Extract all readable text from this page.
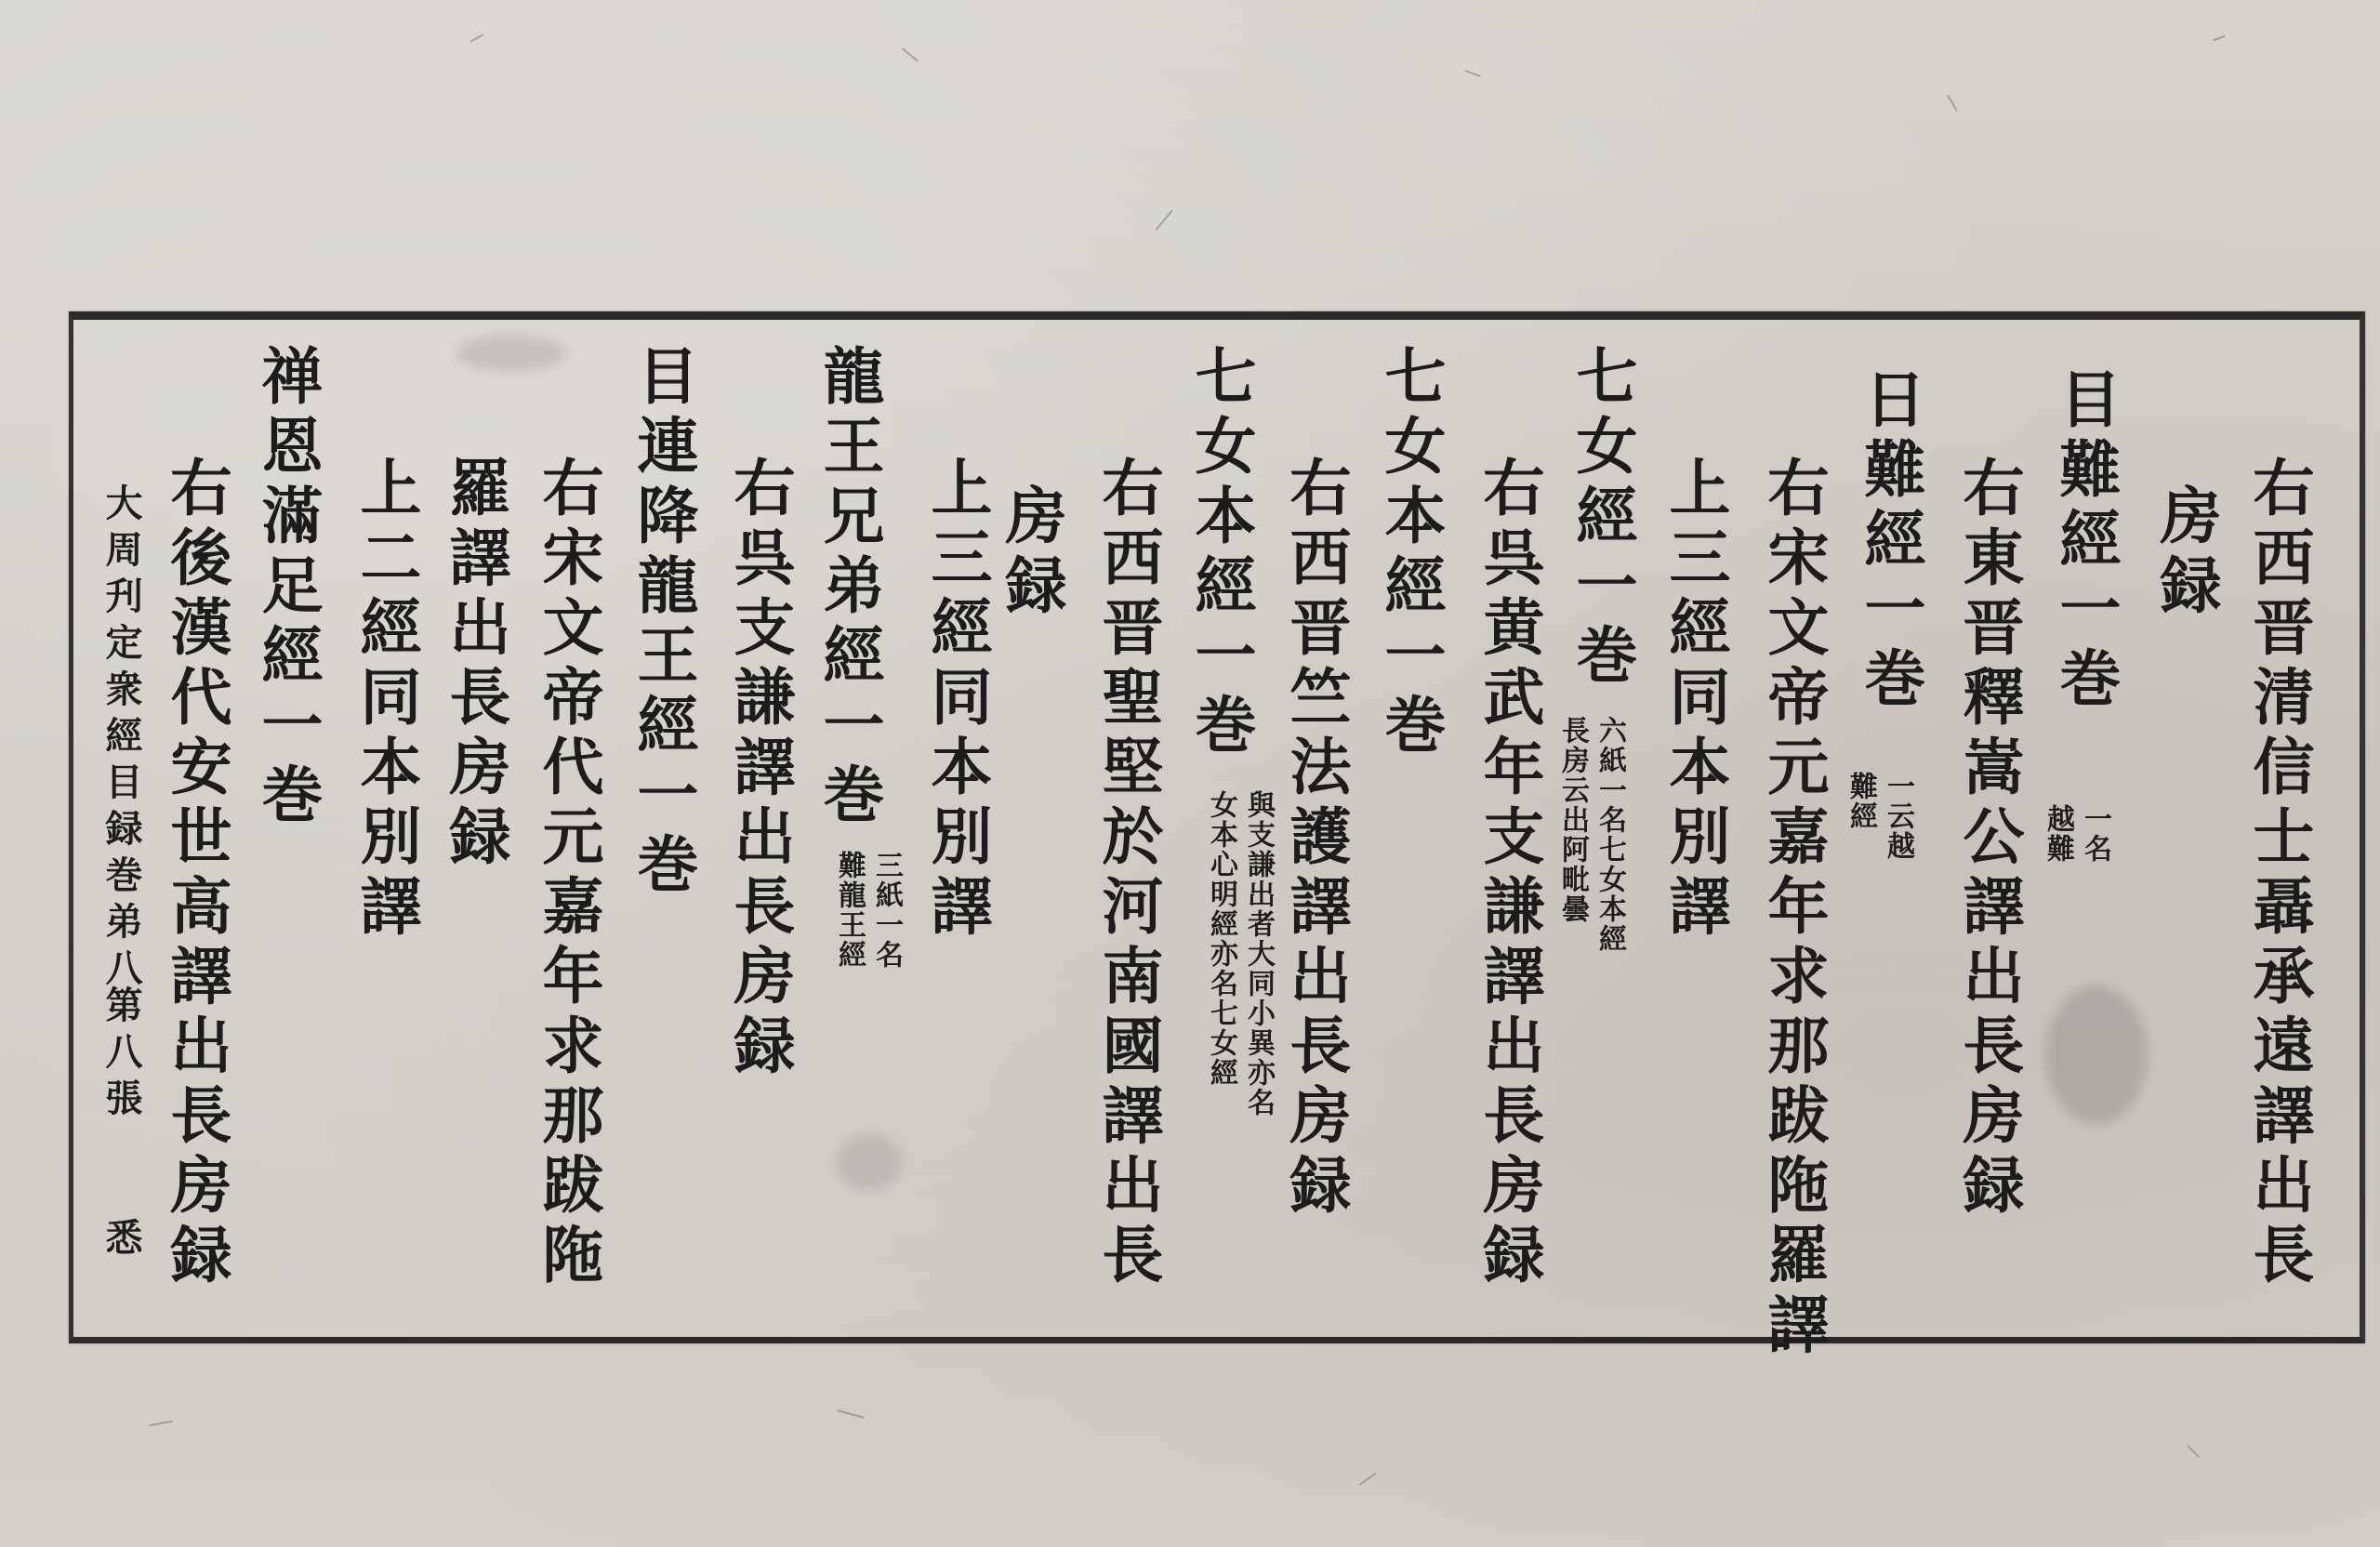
右西晋清信士聶承遠譯出長
房録
目難經一巻
一名
越難
右東晋釋嵩公譯出長房録
日難經一巻
一云越
難經
右宋文帝元嘉年求那跋陁羅譯
上三經同本別譯
七女經一巻
六紙一名七女本經
長房云出阿毗曇
右呉黄武年支謙譯出長房録
七女本經一巻
右西晋竺法護譯出長房録
七女本經一巻
與支謙出者大同小異亦名
女本心明經亦名七女經
右西晋聖堅於河南國譯出長
房録
上三經同本別譯
龍王兄弟經一巻
三紙一名
難龍王經
右呉支謙譯出長房録
目連降龍王經一巻
右宋文帝代元嘉年求那跋陁
羅譯出長房録
上二經同本別譯
禅恩滿足經一巻
右後漢代安世高譯出長房録
大周刋定衆經目録巻弟八
第八張
悉
